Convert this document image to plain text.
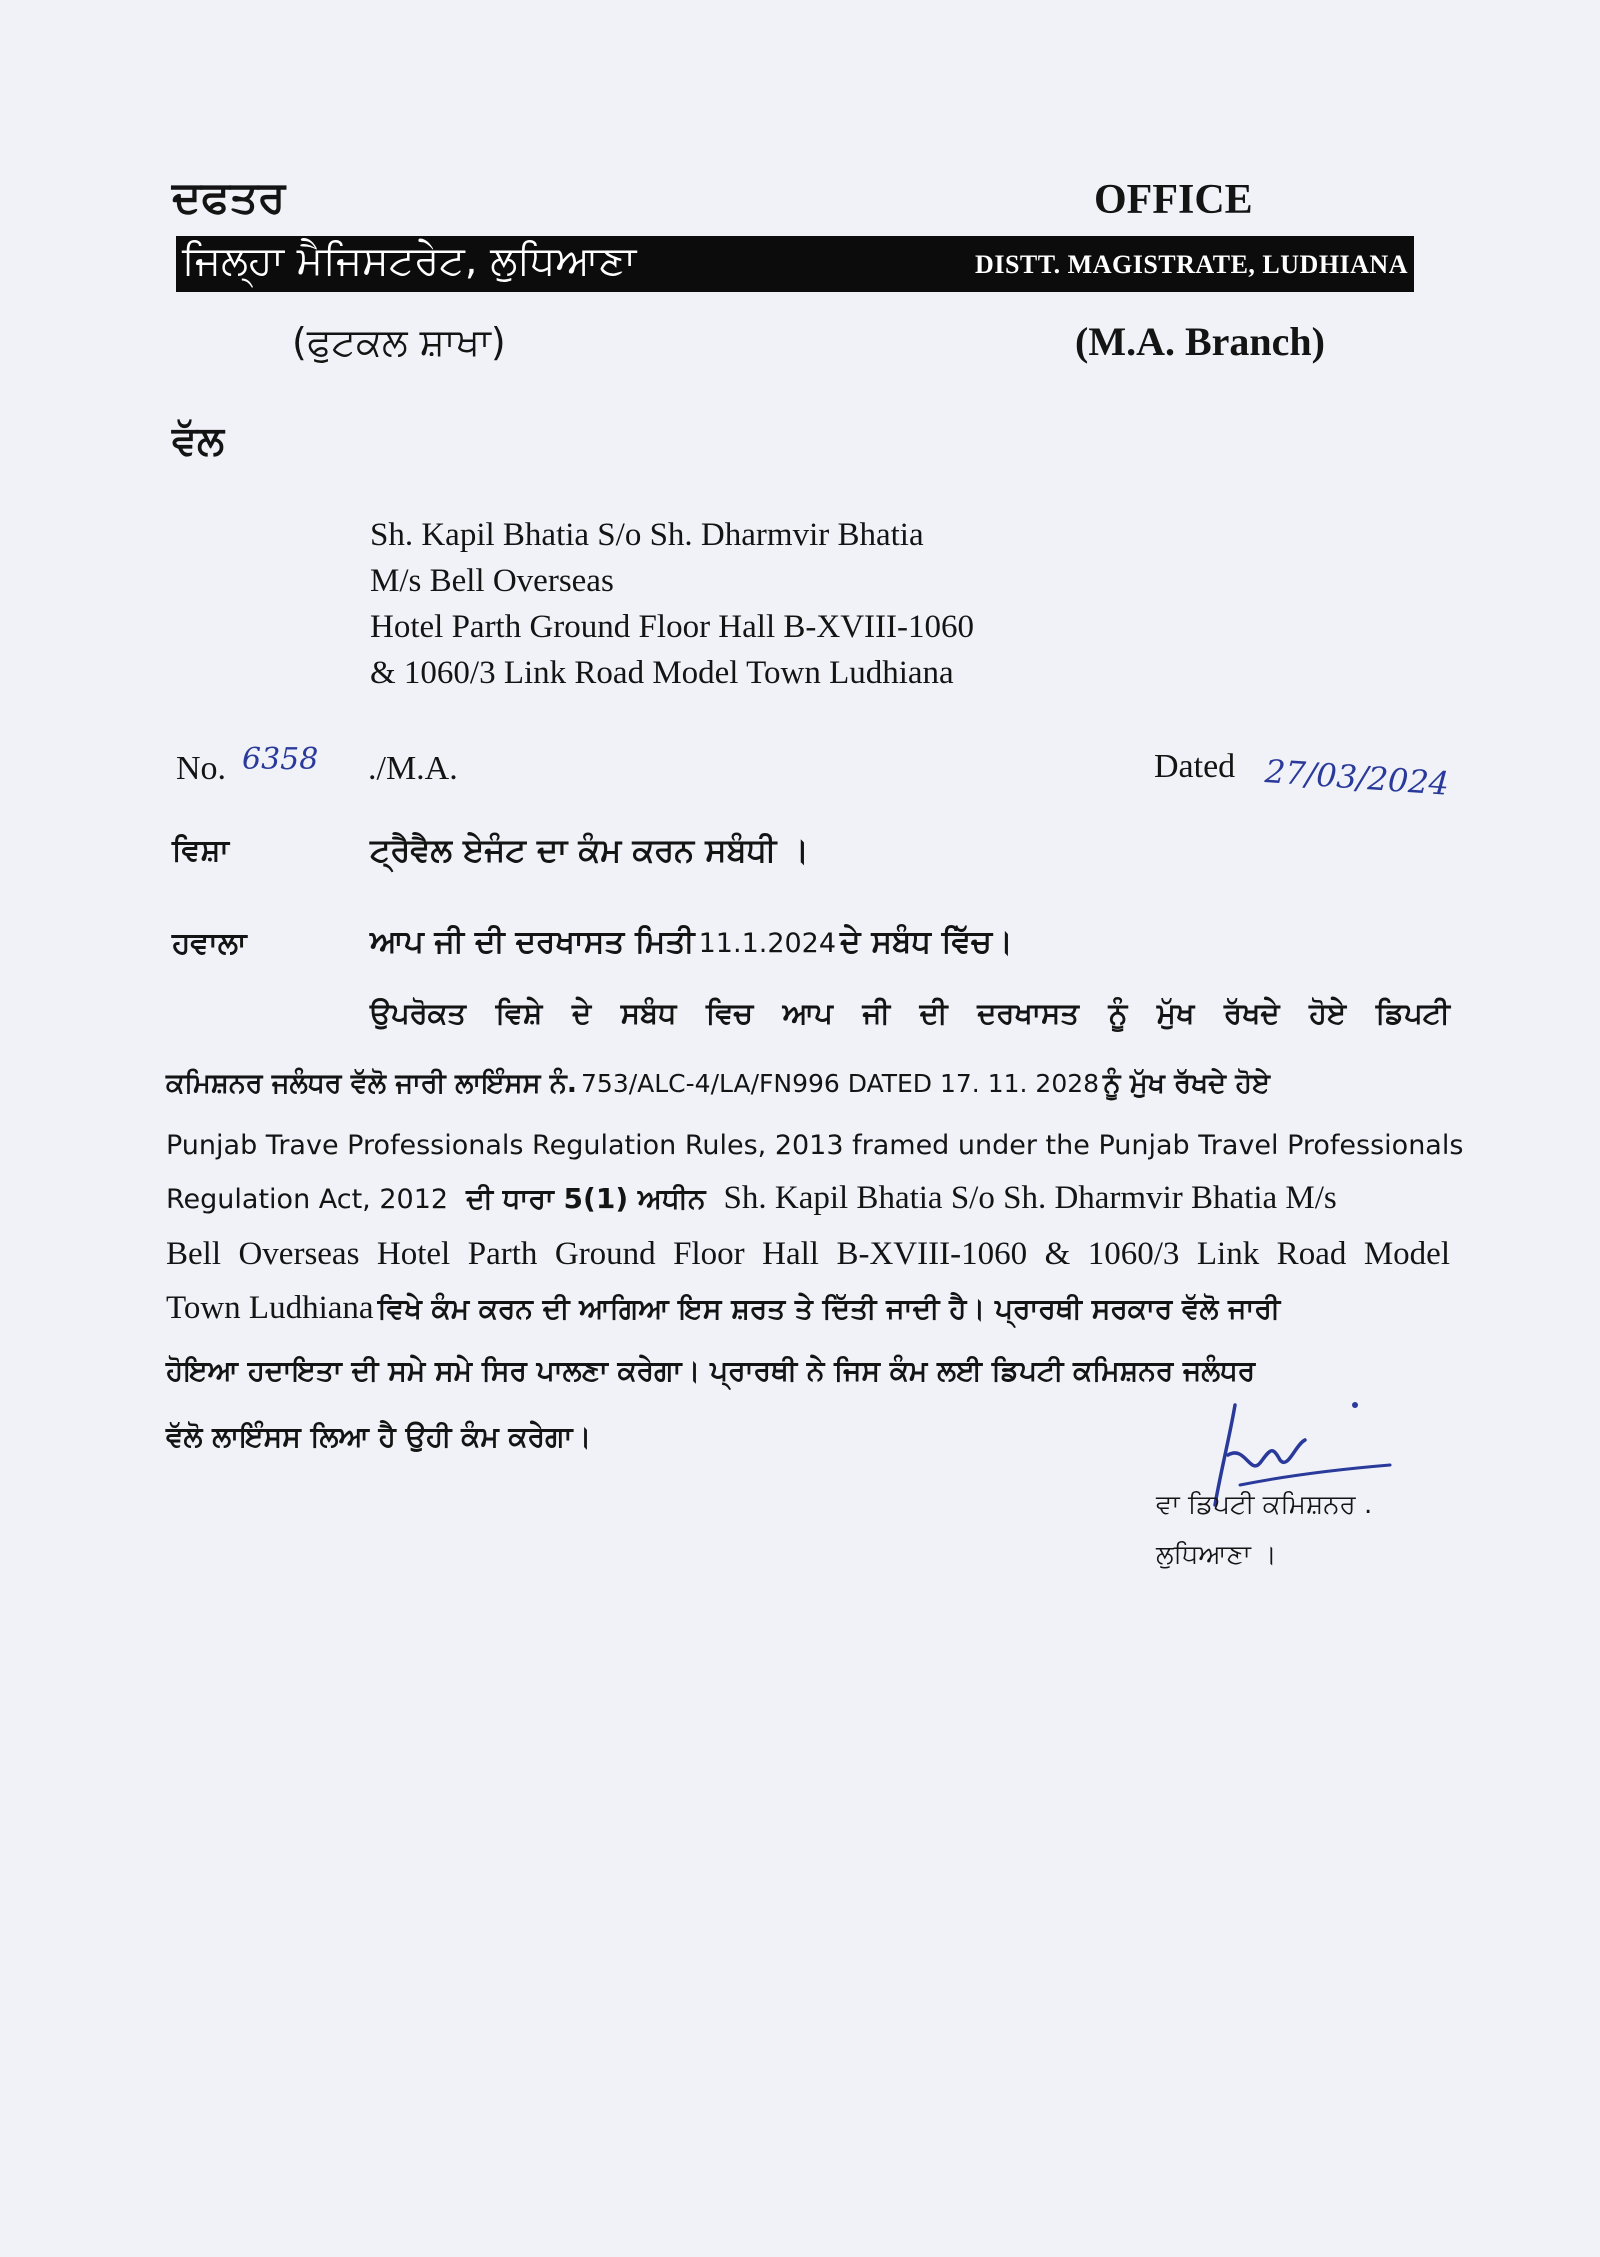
ਦਫਤਰ	OFFICE
ਜਿਲ੍ਹਾ ਮੈਜਿਸਟਰੇਟ, ਲੁਧਿਆਣਾ	DISTT. MAGISTRATE, LUDHIANA
(ਫੁਟਕਲ ਸ਼ਾਖਾ)	(M.A. Branch)
ਵੱਲ
Sh. Kapil Bhatia S/o Sh. Dharmvir Bhatia
M/s Bell Overseas
Hotel Parth Ground Floor Hall B-XVIII-1060
& 1060/3 Link Road Model Town Ludhiana
No. 6358 ./M.A.	Dated 27/03/2024
ਵਿਸ਼ਾ	ਟ੍ਰੈਵੈਲ ਏਜੰਟ ਦਾ ਕੰਮ ਕਰਨ ਸਬੰਧੀ ।
ਹਵਾਲਾ	ਆਪ ਜੀ ਦੀ ਦਰਖਾਸਤ ਮਿਤੀ 11.1.2024 ਦੇ ਸਬੰਧ ਵਿੱਚ।
ਉਪਰੋਕਤ ਵਿਸ਼ੇ ਦੇ ਸਬੰਧ ਵਿਚ ਆਪ ਜੀ ਦੀ ਦਰਖਾਸਤ ਨੂੰ ਮੁੱਖ ਰੱਖਦੇ ਹੋਏ ਡਿਪਟੀ
ਕਮਿਸ਼ਨਰ ਜਲੰਧਰ ਵੱਲੋ ਜਾਰੀ ਲਾਇੰਸਸ ਨੰ. 753/ALC-4/LA/FN996 DATED 17. 11. 2028 ਨੂੰ ਮੁੱਖ ਰੱਖਦੇ ਹੋਏ
Punjab Trave Professionals Regulation Rules, 2013 framed under the Punjab Travel Professionals
Regulation Act, 2012 ਦੀ ਧਾਰਾ 5(1) ਅਧੀਨ Sh. Kapil Bhatia S/o Sh. Dharmvir Bhatia M/s
Bell Overseas Hotel Parth Ground Floor Hall B-XVIII-1060 & 1060/3 Link Road Model
Town Ludhiana ਵਿਖੇ ਕੰਮ ਕਰਨ ਦੀ ਆਗਿਆ ਇਸ ਸ਼ਰਤ ਤੇ ਦਿੱਤੀ ਜਾਦੀ ਹੈ। ਪ੍ਰਾਰਥੀ ਸਰਕਾਰ ਵੱਲੋ ਜਾਰੀ
ਹੋਇਆ ਹਦਾਇਤਾ ਦੀ ਸਮੇ ਸਮੇ ਸਿਰ ਪਾਲਣਾ ਕਰੇਗਾ। ਪ੍ਰਾਰਥੀ ਨੇ ਜਿਸ ਕੰਮ ਲਈ ਡਿਪਟੀ ਕਮਿਸ਼ਨਰ ਜਲੰਧਰ
ਵੱਲੋ ਲਾਇੰਸਸ ਲਿਆ ਹੈ ਉਹੀ ਕੰਮ ਕਰੇਗਾ।
ਵਾ ਡਿਪਟੀ ਕਮਿਸ਼ਨਰ .
ਲੁਧਿਆਣਾ ।
